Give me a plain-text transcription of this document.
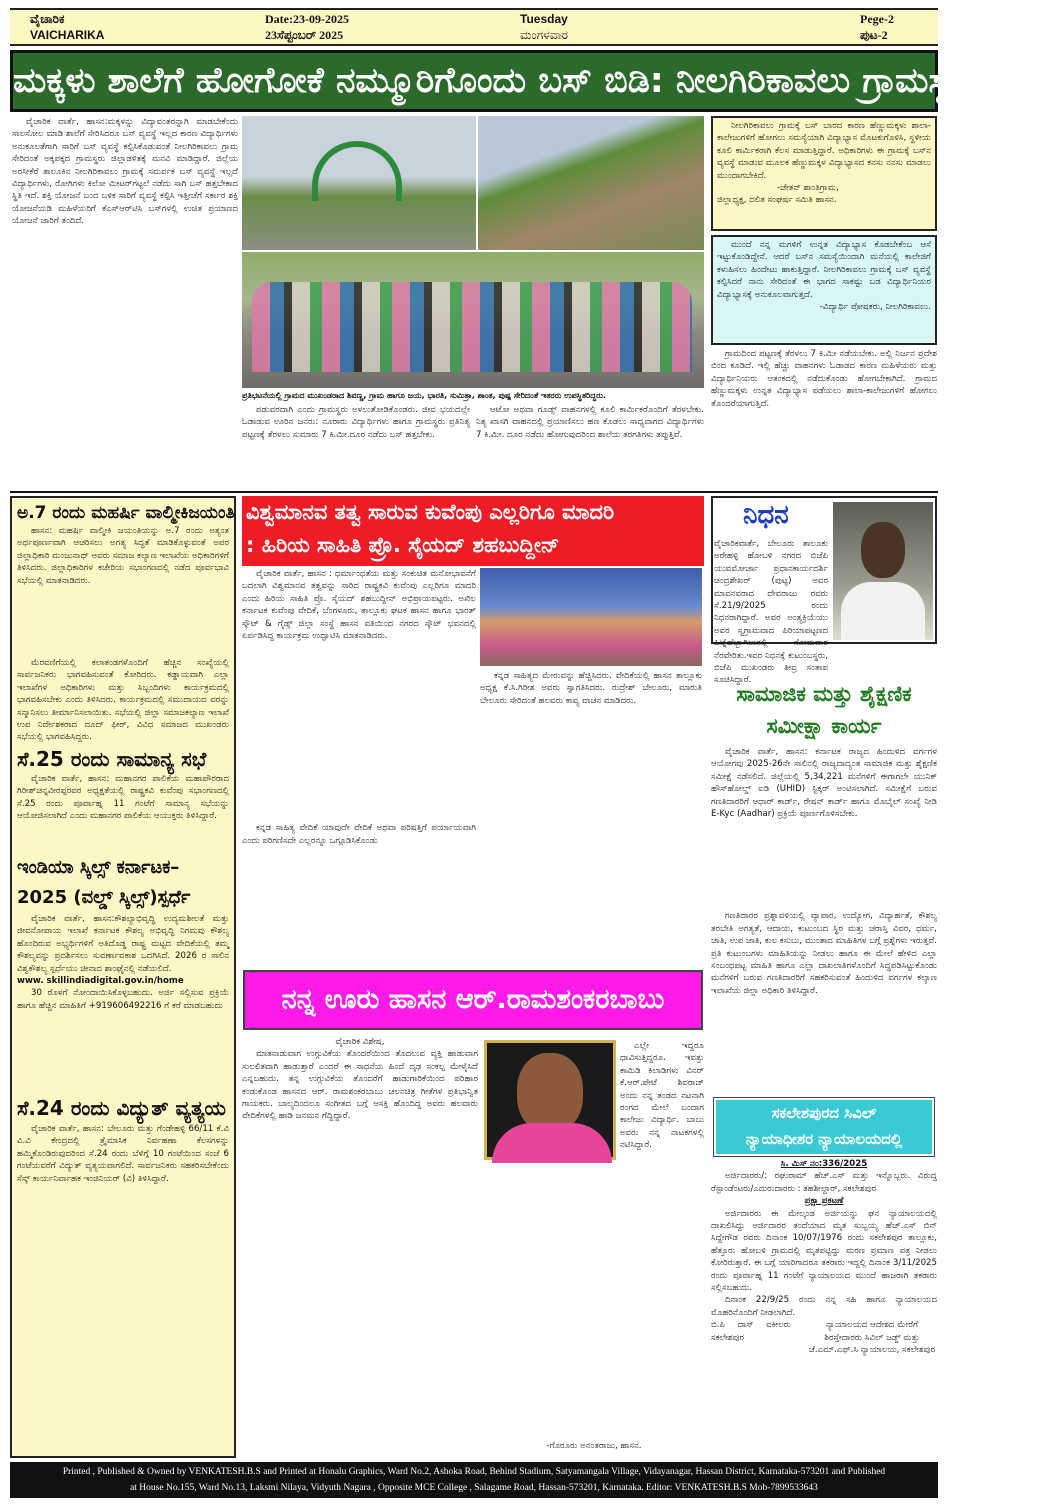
ವೈಚಾರಿಕ
VAICHARIKA
Date:23-09-2025
23ಸೆಪ್ಟಂಬರ್ 2025
Tuesday
ಮಂಗಳವಾರ
Pege-2
ಪುಟ-2
ಮಕ್ಕಳು ಶಾಲೆಗೆ ಹೋಗೋಕೆ ನಮ್ಮೂರಿಗೊಂದು ಬಸ್ ಬಿಡಿ: ನೀಲಗಿರಿಕಾವಲು ಗ್ರಾಮಸ್ಥರ ಮನವಿ

ವೈಚಾರಿಕ ವಾರ್ತೆ, ಹಾಸನ:ಮಕ್ಕಳನ್ನು ವಿದ್ಯಾವಂತರನ್ನಾಗಿ ಮಾಡಬೇಕೆಂದು ಸಾಲಸೋಲ ಮಾಡಿ ಶಾಲೆಗೆ ಸೇರಿಸಿದರೂ ಬಸ್ ವ್ಯವಸ್ಥೆ ಇಲ್ಲದ ಕಾರಣ ವಿದ್ಯಾರ್ಥಿಗಳು ಅನುಕೂಲತೆಗಾಗಿ ಸಾರಿಗೆ ಬಸ್ ವ್ಯವಸ್ಥೆ ಕಲ್ಪಿಸಿಕೊಡುವಂತೆ ನೀಲಗಿರಿಕಾವಲು ಗ್ರಾಮ ಸೇರಿದಂತೆ ಅಕ್ಕಪಕ್ಕದ ಗ್ರಾಮಸ್ಥರು ಜಿಲ್ಲಾಡಳಿತಕ್ಕೆ ಮನವಿ ಮಾಡಿದ್ದಾರೆ. ಜಿಲ್ಲೆಯ ಅರಸೀಕೆರೆ ತಾಲೂಕಿನ ನೀಲಗಿರಿಕಾವಲು ಗ್ರಾಮಕ್ಕೆ ಸಮರ್ಪಕ ಬಸ್ ವ್ಯವಸ್ಥೆ ಇಲ್ಲದೆ ವಿದ್ಯಾರ್ಥಿಗಳು, ರೋಗಿಗಳು ಕಿಲೋ ಮೀಟರ್‌ಗಟ್ಟಲೆ ನಡೆದು ಸಾಗಿ ಬಸ್ ಹತ್ತಬೇಕಾದ ಸ್ಥಿತಿ ಇದೆ. ಶಕ್ತಿ ಯೋಜನೆ ಬಂದ ಬಳಿಕ ಸಾರಿಗೆ ವ್ಯವಸ್ಥೆ ಕಲ್ಪಿಸಿ ಇತ್ತೀಚೆಗೆ ಸರ್ಕಾರ ಶಕ್ತಿ ಯೋಜನೆಯಡಿ ಮಹಿಳೆಯರಿಗೆ ಕೆಎಸ್ಆರ್‌ಟಿಸಿ ಬಸ್‌ಗಳಲ್ಲಿ ಉಚಿತ ಪ್ರಯಾಣದ ಯೋಜನೆ ಜಾರಿಗೆ ತಂದಿದೆ.

ಪ್ರತಿಭಟನೆಯಲ್ಲಿ ಗ್ರಾಮದ ಮುಖಂಡರಾದ ಶಿವಣ್ಣ, ಗ್ರಾಮ ಹಾಗೂ ಜಯ, ಭಾರತಿ, ಸುಮಿತ್ರಾ, ಶಾಂತ, ಪುಷ್ಪ ಸೇರಿದಂತೆ ಇತರರು ಉಪಸ್ಥಿತರಿದ್ದರು.

ಪಡುವರದಾಗಿ ಎಂದು ಗ್ರಾಮಸ್ಥರು ಅಳಲುತೋಡಿಕೊಂಡರು. ಜೀವ ಭಯದಲ್ಲೇ ಓಡಾಡುವ ಊರಿನ ಜನರು: ನೂರಾರು ವಿದ್ಯಾರ್ಥಿಗಳು ಹಾಗೂ ಗ್ರಾಮಸ್ಥರು ಪ್ರತಿನಿತ್ಯ ಪಟ್ಟಣಕ್ಕೆ ತೆರಳಲು ಸುಮಾರು 7 ಕಿ.ಮೀ.ದೂರ ನಡೆದು ಬಸ್ ಹತ್ತಬೇಕು.

ಆಟೋ ಅಥವಾ ಗೂಡ್ಸ್ ವಾಹನಗಳಲ್ಲಿ ಕೂಲಿ ಕಾರ್ಮಿಕರೊಂದಿಗೆ ತೆರಳಬೇಕು. ನಿತ್ಯ ಖಾಸಗಿ ವಾಹನದಲ್ಲಿ ಪ್ರಯಾಣಿಸಲು ಹಣ ಕೊಡಲು ಸಾಧ್ಯವಾಗದ ವಿದ್ಯಾರ್ಥಿಗಳು 7 ಕಿ.ಮೀ. ದೂರ ನಡೆದು ಹೋಗುವುದರಿಂದ ಶಾಲೆಯ ತರಗತಿಗಳು ತಪ್ಪುತ್ತಿವೆ.

ನೀಲಗಿರಿಕಾವಲು ಗ್ರಾಮಕ್ಕೆ ಬಸ್ ಬಾರದ ಕಾರಣ ಹೆಣ್ಣುಮಕ್ಕಳು ಶಾಲಾ-ಕಾಲೇಜುಗಳಿಗೆ ಹೋಗಲು ಸಮಸ್ಯೆಯಾಗಿ ವಿದ್ಯಾಭ್ಯಾಸ ಮೊಟಕುಗೊಳಿಸಿ, ಸ್ಥಳೀಯ ಕೂಲಿ ಕಾರ್ಮಿಕರಾಗಿ ಕೆಲಸ ಮಾಡುತ್ತಿದ್ದಾರೆ. ಅಧಿಕಾರಿಗಳು ಈ ಗ್ರಾಮಕ್ಕೆ ಬಸ್‌ನ ವ್ಯವಸ್ಥೆ ಮಾಡುವ ಮೂಲಕ ಹೆಣ್ಣುಮಕ್ಕಳ ವಿದ್ಯಾಭ್ಯಾಸದ ಕನಸು ನನಸು ಮಾಡಲು ಮುಂದಾಗಬೇಕಿದೆ.

-ಚೇತನ್ ಶಾಂತಿಗ್ರಾಮ,
ಜಿಲ್ಲಾಧ್ಯಕ್ಷ, ದಲಿತ ಸಂಘರ್ಷ ಸಮಿತಿ ಹಾಸನ.

ಮುಂದೆ ನನ್ನ ಮಗಳಿಗೆ ಉನ್ನತ ವಿದ್ಯಾಭ್ಯಾಸ ಕೊಡಬೇಕೆಂಬ ಆಸೆ ಇಟ್ಟುಕೊಂಡಿದ್ದೇನೆ. ಆದರೆ ಬಸ್‌ನ ಸಮಸ್ಯೆಯಿಂದಾಗಿ ಮನೆಯಲ್ಲಿ ಕಾಲೇಜಿಗೆ ಕಳುಹಿಸಲು ಹಿಂದೇಟು ಹಾಕುತ್ತಿದ್ದಾರೆ. ನೀಲಗಿರಿಕಾವಲು ಗ್ರಾಮಕ್ಕೆ ಬಸ್ ವ್ಯವಸ್ಥೆ ಕಲ್ಪಿಸಿದರೆ ನಾನು ಸೇರಿದಂತೆ ಈ ಭಾಗದ ಸಾಕಷ್ಟು ಬಡ ವಿದ್ಯಾರ್ಥಿನಿಯರ ವಿದ್ಯಾಭ್ಯಾಸಕ್ಕೆ ಅನುಕೂಲವಾಗುತ್ತದೆ.

-ವಿದ್ಯಾರ್ಥಿ ಪೋಷಕರು, ನೀಲಗಿರಿಕಾವಲು.

ಗ್ರಾಮದಿಂದ ಪಟ್ಟಣಕ್ಕೆ ತೆರಳಲು 7 ಕಿ.ಮೀ ನಡೆಯಬೇಕು. ಅಲ್ಲಿ ನಿರ್ಜನ ಪ್ರದೇಶ ಬಿಂದ ಕೂಡಿದೆ. ಇಲ್ಲಿ ಹೆಚ್ಚು ವಾಹನಗಳು ಓಡಾಡದ ಕಾರಣ ಮಹಿಳೆಯರು ಮತ್ತು ವಿದ್ಯಾರ್ಥಿನಿಯರು ಆತಂಕದಲ್ಲಿ ನಡೆದುಕೊಂಡು ಹೋಗಬೇಕಾಗಿದೆ. ಗ್ರಾಮದ ಹೆಣ್ಣುಮಕ್ಕಳು ಉನ್ನತ ವಿದ್ಯಾಭ್ಯಾಸ ಪಡೆಯಲು ಶಾಲಾ-ಕಾಲೇಜುಗಳಿಗೆ ಹೋಗಲು ತೊಂದರೆಯಾಗುತ್ತಿದೆ.

ಅ.7 ರಂದು ಮಹರ್ಷಿ ವಾಲ್ಮೀಕಿಜಯಂತಿ

ಹಾಸನ: ಮಹರ್ಷಿ ವಾಲ್ಮೀಕಿ ಜಯಂತಿಯನ್ನು ಅ.7 ರಂದು ಅತ್ಯಂತ ಅರ್ಥಪೂರ್ಣವಾಗಿ ಆಚರಿಸಲು ಅಗತ್ಯ ಸಿದ್ಧತೆ ಮಾಡಿಕೊಳ್ಳುವಂತೆ ಅಪರ ಜಿಲ್ಲಾಧಿಕಾರಿ ಮಂಜುನಾಥ್ ಅವರು ಸಮಾಜ ಕಲ್ಯಾಣ ಇಲಾಖೆಯ ಅಧಿಕಾರಿಗಳಿಗೆ ತಿಳಿಸಿದರು. ಜಿಲ್ಲಾಧಿಕಾರಿಗಳ ಕಚೇರಿಯ ಸಭಾಂಗಣದಲ್ಲಿ ನಡೆದ ಪೂರ್ವಭಾವಿ ಸಭೆಯಲ್ಲಿ ಮಾತನಾಡಿದರು.

ಮೆರವಣಿಗೆಯಲ್ಲಿ ಕಲಾತಂಡಗಳೊಂದಿಗೆ ಹೆಚ್ಚಿನ ಸಂಖ್ಯೆಯಲ್ಲಿ ಸಾರ್ವಜನಿಕರು ಭಾಗವಹಿಸುವಂತೆ ಕೋರಿದರು. ಕಡ್ಡಾಯವಾಗಿ ಎಲ್ಲಾ ಇಲಾಖೆಗಳ ಅಧಿಕಾರಿಗಳು ಮತ್ತು ಸಿಬ್ಬಂದಿಗಳು ಕಾರ್ಯಕ್ರಮದಲ್ಲಿ ಭಾಗವಹಿಸಬೇಕು ಎಂದು ತಿಳಿಸಿದರು. ಕಾರ್ಯಕ್ರಮದಲ್ಲಿ ಸಮುದಾಯದ ವರನ್ನು ಸನ್ಮಾನಿಸಲು ತೀರ್ಮಾನಿಸಲಾಯಿತು. ಸಭೆಯಲ್ಲಿ ಜಿಲ್ಲಾ ಸಮಾಜಕಲ್ಯಾಣ ಇಲಾಖೆ ಉಪ ನಿರ್ದೇಶಕರಾದ ದೂದ್ ಫೀರ್, ವಿವಿಧ ಸಮಾಜದ ಮುಖಂಡರು ಸಭೆಯಲ್ಲಿ ಭಾಗವಹಿಸಿದ್ದರು.

ಸೆ.25 ರಂದು ಸಾಮಾನ್ಯ ಸಭೆ

ವೈಚಾರಿಕ ವಾರ್ತೆ, ಹಾಸನ: ಮಹಾನಗರ ಪಾಲಿಕೆಯ ಮಹಾಪೌರರಾದ ಗಿರೀಶ್‌ಚನ್ನವೀರಪ್ಪರವರ ಅಧ್ಯಕ್ಷತೆಯಲ್ಲಿ ರಾಷ್ಟ್ರಕವಿ ಕುವೆಂಪು ಸಭಾಂಗಣದಲ್ಲಿ ಸೆ.25 ರಂದು ಪೂರ್ವಾಹ್ನ 11 ಗಂಟೆಗೆ ಸಾಮಾನ್ಯ ಸಭೆಯನ್ನು ಆಯೋಜಿಸಲಾಗಿದೆ ಎಂದು ಮಹಾನಗರ ಪಾಲಿಕೆಯ ಆಯುಕ್ತರು ತಿಳಿಸಿದ್ದಾರೆ.

ಇಂಡಿಯಾ ಸ್ಕಿಲ್ಸ್ ಕರ್ನಾಟಕ–2025 (ವಲ್ಡ್ ಸ್ಕಿಲ್ಸ್)ಸ್ಪರ್ಧೆ

ವೈಚಾರಿಕ ವಾರ್ತೆ, ಹಾಸನ:ಕೌಶಲ್ಯಾಭಿವೃದ್ಧಿ ಉದ್ಯಮಶೀಲತೆ ಮತ್ತು ಜೀವನೋಪಾಯ ಇಲಾಖೆ ಕರ್ನಾಟಕ ಕೌಶಲ್ಯ ಅಭಿವೃದ್ಧಿ ನಿಗಮವು ಕೌಶಲ್ಯ ಹೊಂದಿರುವ ಅಭ್ಯರ್ಥಿಗಳಿಗೆ ಅತಿದೊಡ್ಡ ರಾಷ್ಟ್ರ ಮಟ್ಟದ ವೇದಿಕೆಯಲ್ಲಿ ತಮ್ಮ ಕೌಶಲ್ಯವನ್ನು ಪ್ರದರ್ಶಿಸಲು ಸುವರ್ಣಾವಕಾಶ ಒದಗಿಸಿದೆ. 2026 ರ ಸಾಲಿನ ವಿಶ್ವಕೌಶಲ್ಯ ಸ್ಪರ್ಧೆಯು ಚೀನಾದ ಶಾಂಘೈನಲ್ಲಿ ನಡೆಯಲಿದೆ.

www. skillindiadigital.gov.in/home

30 ರೊಳಗೆ ನೋಂದಾಯಿಸಿಕೊಳ್ಳಬಹುದು. ಅರ್ಜಿ ಸಲ್ಲಿಸುವ ಪ್ರಕ್ರಿಯೆ ಹಾಗೂ ಹೆಚ್ಚಿನ ಮಾಹಿತಿಗೆ +919606492216 ಗೆ ಕರೆ ಮಾಡಬಹುದು

ಸೆ.24 ರಂದು ವಿದ್ಯುತ್ ವ್ಯತ್ಯಯ

ವೈಚಾರಿಕ ವಾರ್ತೆ, ಹಾಸನ: ಬೇಲೂರು ಮತ್ತು ಗೆಂಡೇಹಳ್ಳಿ 66/11 ಕೆ.ವಿ ವಿ.ವಿ ಕೇಂದ್ರದಲ್ಲಿ ತ್ರೈಮಾಸಿಕ ನಿರ್ವಹಣಾ ಕೆಲಸಗಳನ್ನು ಹಮ್ಮಿಕೊಂಡಿರುವುದರಿಂದ ಸೆ.24 ರಂದು ಬೆಳಿಗ್ಗೆ 10 ಗಂಟೆಯಿಂದ ಸಂಜೆ 6 ಗಂಟೆಯವರೆಗೆ ವಿದ್ಯುತ್ ವ್ಯತ್ಯಯವಾಗಲಿದೆ. ಸಾರ್ವಜನಿಕರು ಸಹಕರಿಸಬೇಕೆಂದು ಸೆಸ್ಕ್ ಕಾರ್ಯನಿರ್ವಾಹಕ ಇಂಜಿನಿಯರ್ (ವಿ) ತಿಳಿಸಿದ್ದಾರೆ.

ವಿಶ್ವಮಾನವ ತತ್ವ ಸಾರುವ ಕುವೆಂಪು ಎಲ್ಲರಿಗೂ ಮಾದರಿ
: ಹಿರಿಯ ಸಾಹಿತಿ ಪ್ರೊ. ಸೈಯದ್ ಶಹಬುದ್ದೀನ್

ವೈಚಾರಿಕ ವಾರ್ತೆ, ಹಾಸನ : ಧರ್ಮಾಂಧತೆಯ ಮತ್ತು ಸಂಕುಚಿತ ಮನೋಭಾವನೆಗೆ ಬದಲಾಗಿ ವಿಶ್ವಮಾನವ ತತ್ವವನ್ನು ಸಾರಿದ ರಾಷ್ಟ್ರಕವಿ ಕುವೆಂಪು ಎಲ್ಲರಿಗೂ ಮಾದರಿ ಎಂದು ಹಿರಿಯ ಸಾಹಿತಿ ಪ್ರೊ. ಸೈಯದ್ ಶಹಬುದ್ದೀನ್ ಅಭಿಪ್ರಾಯಪಟ್ಟರು. ಅಖಿಲ ಕರ್ನಾಟಕ ಕುವೆಂಪು ವೇದಿಕೆ, ಬೆಂಗಳೂರು, ತಾಲ್ಲೂಕು ಘಟಕ ಹಾಸನ ಹಾಗೂ ಭಾರತ್ ಸ್ಕೌಟ್ & ಗೈಡ್ಸ್ ಜಿಲ್ಲಾ ಸಂಸ್ಥೆ ಹಾಸನ ವತಿಯಿಂದ ನಗರದ ಸ್ಕೌಟ್ ಭವನದಲ್ಲಿ ಏರ್ಪಡಿಸಿದ್ದ ಕಾರ್ಯಕ್ರಮ ಉದ್ಘಾಟಿಸಿ ಮಾತನಾಡಿದರು.

ಕನ್ನಡ ಸಾಹಿತ್ಯ ವೇದಿಕೆ ಯಾವುದೇ ವೇದಿಕೆ ಅಥವಾ ಪರಿಷತ್ತಿಗೆ ಪರ್ಯಾಯವಾಗಿ ಎಂದು ಪರಿಗಣಿಸದೇ ಎಲ್ಲರನ್ನೂ ಒಗ್ಗೂಡಿಸಿಕೊಂಡು

ಕನ್ನಡ ಸಾಹಿತ್ಯದ ಮೇರುವನ್ನು ಹೆಚ್ಚಿಸಿದರು. ವೇದಿಕೆಯಲ್ಲಿ ಹಾಸನ ತಾಲ್ಲೂಕು ಅಧ್ಯಕ್ಷ ಕೆ.ಸಿ.ಗಿರೀಶ ಅವರು ಸ್ವಾಗತಿಸಿದರು. ರುದ್ರೇಶ್ ಬೇಲೂರು, ಮಾರುತಿ ಬೇಲೂರು ಸೇರಿದಂತೆ ಹಲವರು ಕಾವ್ಯ ವಾಚನ ಮಾಡಿದರು.

ನನ್ನ ಊರು ಹಾಸನ ಆರ್.ರಾಮಶಂಕರಬಾಬು
ವೈಚಾರಿಕ ವಿಶೇಷ,

ಮಾತನಾಡುವಾಗ ಉಗ್ಗುವಿಕೆಯ ತೊಂದರೆಯಿಂದ ತೊದಲುವ ವ್ಯಕ್ತಿ ಹಾಡುವಾಗ ಸುಲಲಿತವಾಗಿ ಹಾಡುತ್ತಾರೆ ಎಂದರೆ ಈ ಸಾಧನೆಯ ಹಿಂದೆ ದೃಢ ಸಂಕಲ್ಪ ಮೇಳೈಸಿದೆ ಎನ್ನಬಹುದು. ತನ್ನ ಉಗ್ಗುವಿಕೆಯ ತೊಂದರೆಗೆ ಹಾಡುಗಾರಿಕೆಯಿಂದ ಪರಿಹಾರ ಕಂಡುಕೊಂಡ ಹಾಸನದ ಆರ್. ರಾಮಶಂಕರಬಾಬು ಚಲನಚಿತ್ರ ಗೀತೆಗಳ ಪ್ರತಿಭಾನ್ವಿತ ಗಾಯಕರು. ಬಾಲ್ಯದಿಂದಲೂ ಸಂಗೀತದ ಬಗ್ಗೆ ಆಸಕ್ತಿ ಹೊಂದಿದ್ದ ಅವರು ಹಲವಾರು ವೇದಿಕೆಗಳಲ್ಲಿ ಹಾಡಿ ಜನಮನ ಗೆದ್ದಿದ್ದಾರೆ.

ಎಲ್ಲೇ ಇದ್ದರೂ ಧಾವಿಸುತ್ತಿದ್ದರೂ. ಇವತ್ತು ಕಾಮಿಡಿ ಕಿಲಾಡಿಗಳು ವಿನರ್ ಕೆ.ಆರ್.ಪೇಟೆ ಶಿವರಾಜ್ ಅಂದು ನನ್ನ ತಂಡದ ನಟನಾಗಿ ರಂಗದ ಮೇಲೆ ಬಂದಾಗ ಕಾಲೇಜು ವಿದ್ಯಾರ್ಥಿ. ಬಾಬು ಅವರು ನನ್ನ ನಾಟಕಗಳಲ್ಲಿ ನಟಿಸಿದ್ದಾರೆ.

-ಗೊರೂರು ಅನಂತರಾಜು, ಹಾಸನ.
ನಿಧನ

ವೈಚಾರಿಕವಾರ್ತೆ, ಬೇಲೂರು ತಾಲೂಕು ಅರೇಹಳ್ಳಿ ಹೋಬಳಿ ನಗರದ ಬಿಜೆಪಿ ಯುವಮೋರ್ಚಾ ಪ್ರಧಾನಕಾರ್ಯದರ್ಶಿ ಚಂದ್ರಶೇಖರ್ (ಪುಟ್ಟ) ಅವರ ಮಾವನವರಾದ ದೇವರಾಜು ರವರು ಸೆ.21/9/2025 ರಂದು ನಿಧನರಾಗಿದ್ದಾರೆ. ಅವರ ಅಂತ್ಯಕ್ರಿಯೆಯು ಅವರ ಸ್ವಗ್ರಾಮವಾದ ಪಿರಿಯಾಪಟ್ಟಣದ ಹಿಟ್ನೆಹೆಬ್ಬಾಗಿಲುನಲ್ಲಿ ಸೋಮವಾರ ನೆರವೇರಿತು.ಇವರ ನಿಧನಕ್ಕೆ ಕುಟುಂಬಸ್ಥರು, ಬಿಜೆಪಿ ಮುಖಂಡರು ತೀವ್ರ ಸಂತಾಪ ಸೂಚಿಸಿದ್ದಾರೆ.

ಸಾಮಾಜಿಕ ಮತ್ತು ಶೈಕ್ಷಣಿಕ ಸಮೀಕ್ಷಾ ಕಾರ್ಯ

ವೈಚಾರಿಕ ವಾರ್ತೆ, ಹಾಸನ: ಕರ್ನಾಟಕ ರಾಜ್ಯದ ಹಿಂದುಳಿದ ವರ್ಗಗಳ ಆಯೋಗವು 2025-26ನೇ ಸಾಲಿನಲ್ಲಿ ರಾಜ್ಯದಾದ್ಯಂತ ಸಾಮಾಜಿಕ ಮತ್ತು ಶೈಕ್ಷಣಿಕ ಸಮೀಕ್ಷೆ ನಡೆಸಲಿದೆ. ಜಿಲ್ಲೆಯಲ್ಲಿ 5,34,221 ಮನೆಗಳಿಗೆ ಈಗಾಗಲೇ ಯುನಿಕ್ ಹೌಸ್‌ಹೋಲ್ಡ್ ಐಡಿ (UHID) ಸ್ಟಿಕ್ಕರ್ ಅಂಟಿಸಲಾಗಿದೆ. ಸಮೀಕ್ಷೆಗೆ ಬರುವ ಗಣತಿದಾರರಿಗೆ ಆಧಾರ್ ಕಾರ್ಡ್, ರೇಷನ್ ಕಾರ್ಡ್ ಹಾಗೂ ಮೊಬೈಲ್ ಸಂಖ್ಯೆ ನೀಡಿ E-Kyc (Aadhar) ಪ್ರಕ್ರಿಯೆ ಪೂರ್ಣಗೊಳಿಸಬೇಕು.

ಗಣತಿದಾರರ ಪ್ರಶ್ನಾವಳಿಯಲ್ಲಿ ವ್ಯಾಪಾರ, ಉದ್ಯೋಗ, ವಿದ್ಯಾರ್ಹತೆ, ಕೌಶಲ್ಯ ತರಬೇತಿ ಅಗತ್ಯತೆ, ಆದಾಯ, ಕುಟುಂಬದ ಸ್ಥಿರ ಮತ್ತು ಚರಾಸ್ತಿ ವಿವರ, ಧರ್ಮ, ಜಾತಿ, ಉಪ ಜಾತಿ, ಕುಲ ಕಸುಬು, ಮುಂತಾದ ಮಾಹಿತಿಗಳ ಬಗ್ಗೆ ಪ್ರಶ್ನೆಗಳು ಇರುತ್ತವೆ. ಪ್ರತಿ ಕುಟುಂಬಗಳು ಮಾಹಿತಿಯನ್ನು ನೀಡಲು ಹಾಗೂ ಈ ಮೇಲೆ ಹೇಳಿದ ಎಲ್ಲಾ ಸಂಬಂಧಪಟ್ಟ ಮಾಹಿತಿ ಹಾಗೂ ಎಲ್ಲಾ ದಾಖಲಾತಿಗಳೊಂದಿಗೆ ಸಿದ್ಧಪಡಿಸಿಟ್ಟುಕೊಂಡು ಮನೆಗಳಿಗೆ ಬರುವ ಗಣತಿದಾರರಿಗೆ ಸಹಕರಿಸುವಂತೆ ಹಿಂದುಳಿದ ವರ್ಗಗಳ ಕಲ್ಯಾಣ ಇಲಾಖೆಯ ಜಿಲ್ಲಾ ಅಧಿಕಾರಿ ತಿಳಿಸಿದ್ದಾರೆ.

ಸಕಲೇಶಪುರದ ಸಿವಿಲ್
ನ್ಯಾಯಾಧೀಶರ ನ್ಯಾಯಾಲಯದಲ್ಲಿ
ಸಿ. ಮಿಸ್ ನಂ:336/2025

ಅರ್ಜಿದಾರರು/: ರಘುರಾಮ್ ಹೆಚ್.ಎಸ್ ಮತ್ತು ಇನ್ನೊಬ್ಬರು. ವಿರುದ್ಧ ರೆಸ್ಪಾಂಡೆಂಟರು/ಎದುರುದಾರರು : ತಹಶೀಲ್ದಾರ್, ಸಕಲೇಶಪುರ

ಪ್ರಕ್ಷಾ ಪ್ರಕಟಣೆ

ಅರ್ಜಿದಾರರು ಈ ಮೇಲ್ಕಂಡ ಅರ್ಜಿಯನ್ನು ಘನ ನ್ಯಾಯಾಲಯದಲ್ಲಿ ದಾಖಲಿಸಿದ್ದು ಅರ್ಜಿದಾರರ ತಂದೆಯಾದ ಮೃತ ಸುಬ್ಬಯ್ಯ ಹೆಚ್.ಎಸ್ ಬಿನ್ ಸಿದ್ದೇಗೌಡ ರವರು ದಿನಾಂಕ 10/07/1976 ರಂದು ಸಕಲೇಶಪುರ ತಾಲ್ಲೂಕು, ಹೆತ್ತೂರು ಹೋಬಳಿ ಗ್ರಾಮದಲ್ಲಿ ಮೃತಪಟ್ಟಿದ್ದು ಮರಣ ಪ್ರಮಾಣ ಪತ್ರ ನೀಡಲು ಕೋರಿರುತ್ತಾರೆ. ಈ ಬಗ್ಗೆ ಯಾರಿಗಾದರೂ ತಕರಾರು ಇದ್ದಲ್ಲಿ ದಿನಾಂಕ 3/11/2025 ರಂದು ಪೂರ್ವಾಹ್ನ 11 ಗಂಟೆಗೆ ನ್ಯಾಯಾಲಯದ ಮುಂದೆ ಹಾಜರಾಗಿ ತಕರಾರು ಸಲ್ಲಿಸಬಹುದು.

ದಿನಾಂಕ 22/9/25 ರಂದು ನನ್ನ ಸಹಿ ಹಾಗೂ ನ್ಯಾಯಾಲಯದ ಮೊಹರಿನೊಂದಿಗೆ ನೀಡಲಾಗಿದೆ.

ಬಿ.ಪಿ ದಾಸ್ ವಕೀಲರು ಸಕಲೇಶಪುರ
ನ್ಯಾಯಾಲಯದ ಆದೇಶದ ಮೇರೆಗೆ ಶಿರಸ್ತೇದಾರರು ಸಿವಿಲ್ ಜಡ್ಜ್ ಮತ್ತು ಜೆ.ಎಮ್.ಎಫ್.ಸಿ ನ್ಯಾಯಾಲಯ, ಸಕಲೇಶಪುರ
Printed , Published & Owned by VENKATESH.B.S and Printed at Honalu Graphics, Ward No.2, Ashoka Road, Behind Stadium, Satyamangala Village, Vidayanagar, Hassan District, Karnataka-573201 and Published
at House No.155, Ward No.13, Laksmi Nilaya, Vidyuth Nagara , Opposite MCE College , Salagame Road, Hassan-573201, Karnataka. Editor: VENKATESH.B.S Mob-7899533643
